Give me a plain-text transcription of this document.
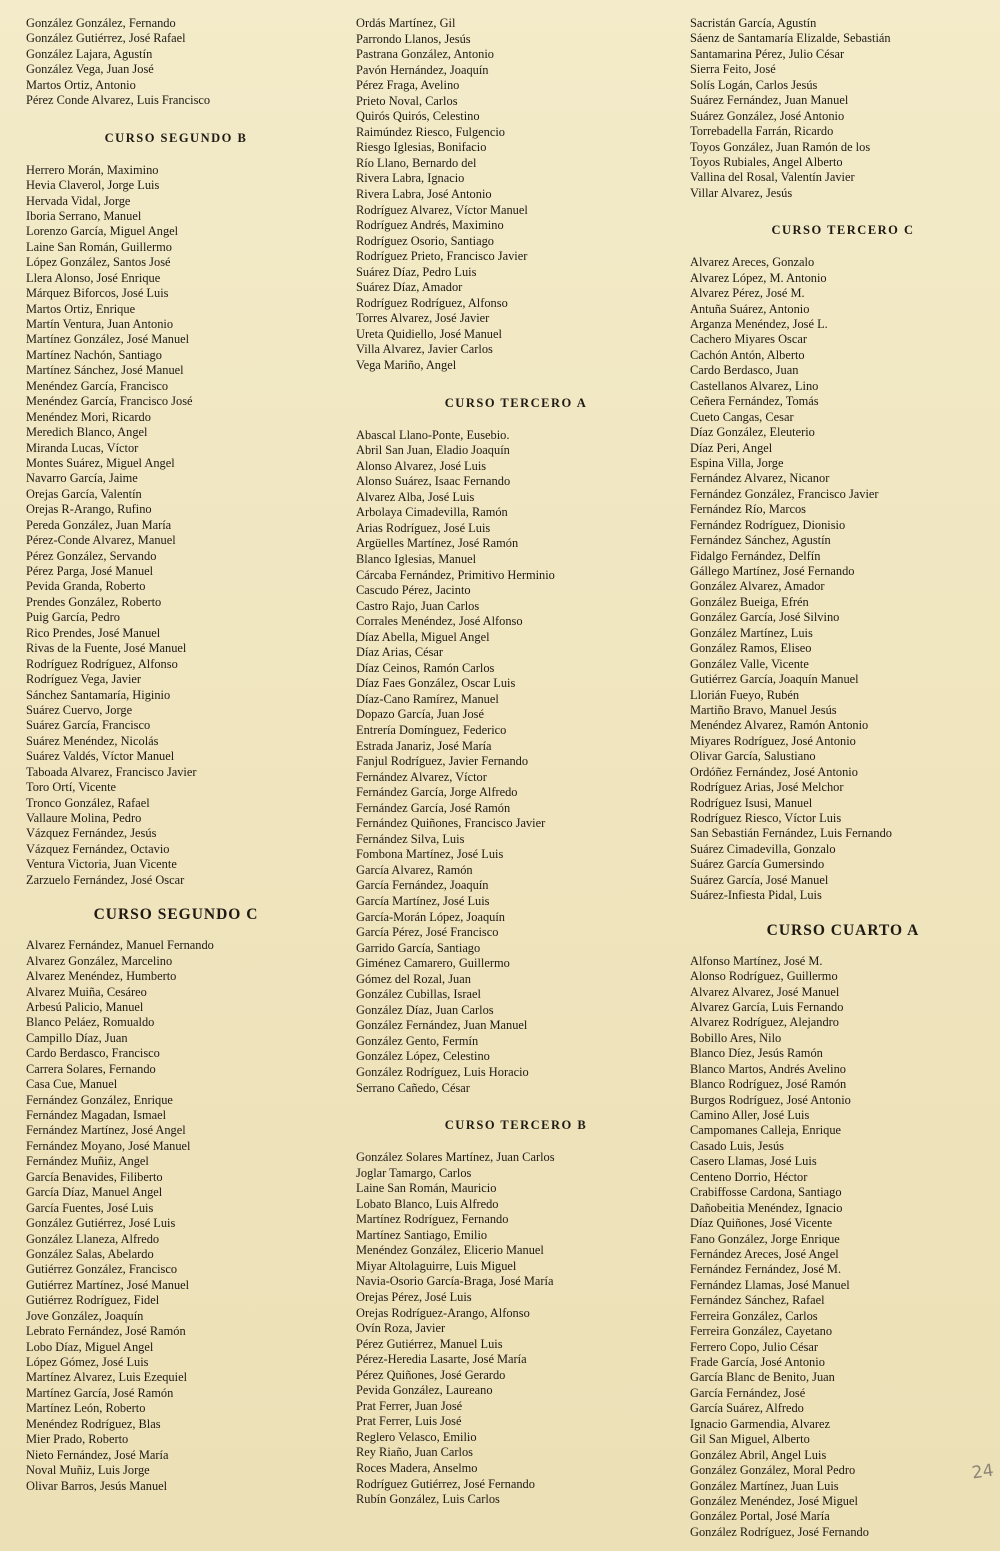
González González, Fernando
González Gutiérrez, José Rafael
González Lajara, Agustín
González Vega, Juan José
Martos Ortiz, Antonio
Pérez Conde Alvarez, Luis Francisco
CURSO SEGUNDO B
Herrero Morán, Maximino
Hevia Claverol, Jorge Luis
Hervada Vidal, Jorge
Iboria Serrano, Manuel
Lorenzo García, Miguel Angel
Laine San Román, Guillermo
López González, Santos José
Llera Alonso, José Enrique
Márquez Biforcos, José Luis
Martos Ortiz, Enrique
Martín Ventura, Juan Antonio
Martínez González, José Manuel
Martínez Nachón, Santiago
Martínez Sánchez, José Manuel
Menéndez García, Francisco
Menéndez García, Francisco José
Menéndez Mori, Ricardo
Meredich Blanco, Angel
Miranda Lucas, Víctor
Montes Suárez, Miguel Angel
Navarro García, Jaime
Orejas García, Valentín
Orejas R-Arango, Rufino
Pereda González, Juan María
Pérez-Conde Alvarez, Manuel
Pérez González, Servando
Pérez Parga, José Manuel
Pevida Granda, Roberto
Prendes González, Roberto
Puig García, Pedro
Rico Prendes, José Manuel
Rivas de la Fuente, José Manuel
Rodríguez Rodríguez, Alfonso
Rodríguez Vega, Javier
Sánchez Santamaría, Higinio
Suárez Cuervo, Jorge
Suárez García, Francisco
Suárez Menéndez, Nicolás
Suárez Valdés, Víctor Manuel
Taboada Alvarez, Francisco Javier
Toro Ortí, Vicente
Tronco González, Rafael
Vallaure Molina, Pedro
Vázquez Fernández, Jesús
Vázquez Fernández, Octavio
Ventura Victoria, Juan Vicente
Zarzuelo Fernández, José Oscar
CURSO SEGUNDO C
Alvarez Fernández, Manuel Fernando
Alvarez González, Marcelino
Alvarez Menéndez, Humberto
Alvarez Muiña, Cesáreo
Arbesú Palicio, Manuel
Blanco Peláez, Romualdo
Campillo Díaz, Juan
Cardo Berdasco, Francisco
Carrera Solares, Fernando
Casa Cue, Manuel
Fernández González, Enrique
Fernández Magadan, Ismael
Fernández Martínez, José Angel
Fernández Moyano, José Manuel
Fernández Muñiz, Angel
García Benavides, Filiberto
García Díaz, Manuel Angel
García Fuentes, José Luis
González Gutiérrez, José Luis
González Llaneza, Alfredo
González Salas, Abelardo
Gutiérrez González, Francisco
Gutiérrez Martínez, José Manuel
Gutiérrez Rodríguez, Fidel
Jove González, Joaquín
Lebrato Fernández, José Ramón
Lobo Díaz, Miguel Angel
López Gómez, José Luis
Martínez Alvarez, Luis Ezequiel
Martínez García, José Ramón
Martínez León, Roberto
Menéndez Rodríguez, Blas
Mier Prado, Roberto
Nieto Fernández, José María
Noval Muñiz, Luis Jorge
Olivar Barros, Jesús Manuel
Ordás Martínez, Gil
Parrondo Llanos, Jesús
Pastrana González, Antonio
Pavón Hernández, Joaquín
Pérez Fraga, Avelino
Prieto Noval, Carlos
Quirós Quirós, Celestino
Raimúndez Riesco, Fulgencio
Riesgo Iglesias, Bonifacio
Río Llano, Bernardo del
Rivera Labra, Ignacio
Rivera Labra, José Antonio
Rodríguez Alvarez, Víctor Manuel
Rodríguez Andrés, Maximino
Rodríguez Osorio, Santiago
Rodríguez Prieto, Francisco Javier
Suárez Díaz, Pedro Luis
Suárez Díaz, Amador
Rodríguez Rodríguez, Alfonso
Torres Alvarez, José Javier
Ureta Quidiello, José Manuel
Villa Alvarez, Javier Carlos
Vega Mariño, Angel
CURSO TERCERO A
Abascal Llano-Ponte, Eusebio.
Abril San Juan, Eladio Joaquín
Alonso Alvarez, José Luis
Alonso Suárez, Isaac Fernando
Alvarez Alba, José Luis
Arbolaya Cimadevilla, Ramón
Arias Rodríguez, José Luis
Argüelles Martínez, José Ramón
Blanco Iglesias, Manuel
Cárcaba Fernández, Primitivo Herminio
Cascudo Pérez, Jacinto
Castro Rajo, Juan Carlos
Corrales Menéndez, José Alfonso
Díaz Abella, Miguel Angel
Díaz Arias, César
Díaz Ceinos, Ramón Carlos
Díaz Faes González, Oscar Luis
Díaz-Cano Ramírez, Manuel
Dopazo García, Juan José
Entrería Domínguez, Federico
Estrada Janariz, José María
Fanjul Rodríguez, Javier Fernando
Fernández Alvarez, Víctor
Fernández García, Jorge Alfredo
Fernández García, José Ramón
Fernández Quiñones, Francisco Javier
Fernández Silva, Luis
Fombona Martínez, José Luis
García Alvarez, Ramón
García Fernández, Joaquín
García Martínez, José Luis
García-Morán López, Joaquín
García Pérez, José Francisco
Garrido García, Santiago
Giménez Camarero, Guillermo
Gómez del Rozal, Juan
González Cubillas, Israel
González Díaz, Juan Carlos
González Fernández, Juan Manuel
González Gento, Fermín
González López, Celestino
González Rodríguez, Luis Horacio
Serrano Cañedo, César
CURSO TERCERO B
González Solares Martínez, Juan Carlos
Joglar Tamargo, Carlos
Laine San Román, Mauricio
Lobato Blanco, Luis Alfredo
Martínez Rodríguez, Fernando
Martínez Santiago, Emilio
Menéndez González, Elicerio Manuel
Miyar Altolaguirre, Luis Miguel
Navia-Osorio García-Braga, José María
Orejas Pérez, José Luis
Orejas Rodríguez-Arango, Alfonso
Ovín Roza, Javier
Pérez Gutiérrez, Manuel Luis
Pérez-Heredia Lasarte, José María
Pérez Quiñones, José Gerardo
Pevida González, Laureano
Prat Ferrer, Juan José
Prat Ferrer, Luis José
Reglero Velasco, Emilio
Rey Riaño, Juan Carlos
Roces Madera, Anselmo
Rodríguez Gutiérrez, José Fernando
Rubín González, Luis Carlos
Sacristán García, Agustín
Sáenz de Santamaría Elizalde, Sebastián
Santamarina Pérez, Julio César
Sierra Feito, José
Solís Logán, Carlos Jesús
Suárez Fernández, Juan Manuel
Suárez González, José Antonio
Torrebadella Farrán, Ricardo
Toyos González, Juan Ramón de los
Toyos Rubiales, Angel Alberto
Vallina del Rosal, Valentín Javier
Villar Alvarez, Jesús
CURSO TERCERO C
Alvarez Areces, Gonzalo
Alvarez López, M. Antonio
Alvarez Pérez, José M.
Antuña Suárez, Antonio
Arganza Menéndez, José L.
Cachero Miyares Oscar
Cachón Antón, Alberto
Cardo Berdasco, Juan
Castellanos Alvarez, Lino
Ceñera Fernández, Tomás
Cueto Cangas, Cesar
Díaz González, Eleuterio
Díaz Peri, Angel
Espina Villa, Jorge
Fernández Alvarez, Nicanor
Fernández González, Francisco Javier
Fernández Río, Marcos
Fernández Rodríguez, Dionisio
Fernández Sánchez, Agustín
Fidalgo Fernández, Delfín
Gállego Martínez, José Fernando
González Alvarez, Amador
González Bueiga, Efrén
González García, José Silvino
González Martínez, Luis
González Ramos, Eliseo
González Valle, Vicente
Gutiérrez García, Joaquín Manuel
Llorián Fueyo, Rubén
Martiño Bravo, Manuel Jesús
Menéndez Alvarez, Ramón Antonio
Miyares Rodríguez, José Antonio
Olivar García, Salustiano
Ordóñez Fernández, José Antonio
Rodríguez Arias, José Melchor
Rodríguez Isusi, Manuel
Rodríguez Riesco, Víctor Luis
San Sebastián Fernández, Luis Fernando
Suárez Cimadevilla, Gonzalo
Suárez García Gumersindo
Suárez García, José Manuel
Suárez-Infiesta Pidal, Luis
CURSO CUARTO A
Alfonso Martínez, José M.
Alonso Rodríguez, Guillermo
Alvarez Alvarez, José Manuel
Alvarez García, Luis Fernando
Alvarez Rodríguez, Alejandro
Bobillo Ares, Nilo
Blanco Díez, Jesús Ramón
Blanco Martos, Andrés Avelino
Blanco Rodríguez, José Ramón
Burgos Rodríguez, José Antonio
Camino Aller, José Luis
Campomanes Calleja, Enrique
Casado Luis, Jesús
Casero Llamas, José Luis
Centeno Dorrio, Héctor
Crabiffosse Cardona, Santiago
Dañobeitia Menéndez, Ignacio
Díaz Quiñones, José Vicente
Fano González, Jorge Enrique
Fernández Areces, José Angel
Fernández Fernández, José M.
Fernández Llamas, José Manuel
Fernández Sánchez, Rafael
Ferreira González, Carlos
Ferreira González, Cayetano
Ferrero Copo, Julio César
Frade García, José Antonio
García Blanc de Benito, Juan
García Fernández, José
García Suárez, Alfredo
Ignacio Garmendia, Alvarez
Gil San Miguel, Alberto
González Abril, Angel Luis
González González, Moral Pedro
González Martínez, Juan Luis
González Menéndez, José Miguel
González Portal, José María
González Rodríguez, José Fernando
24
